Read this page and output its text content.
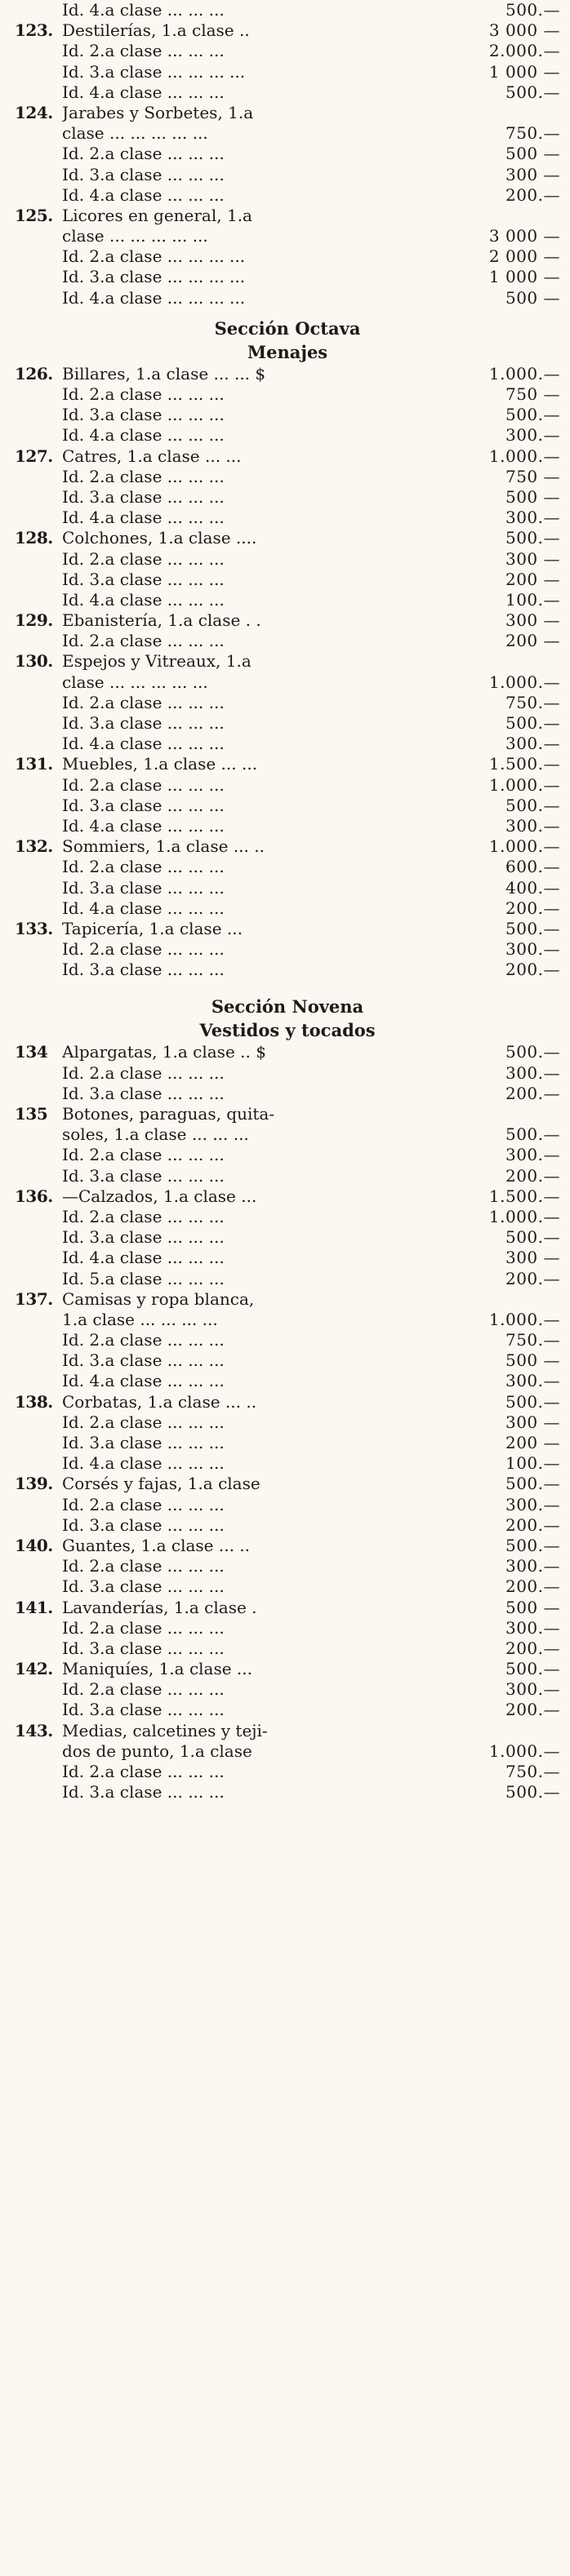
Id. 4.a clase ... ... ...	500.—
123. Destilerías, 1.a clase ..	3 000 —
Id. 2.a clase ... ... ...	2.000.—
Id. 3.a clase ... ... ... ...	1 000 —
Id. 4.a clase ... ... ...	500.—
124. Jarabes y Sorbetes, 1.a
clase ... ... ... ... ...	750.—
Id. 2.a clase ... ... ...	500 —
Id. 3.a clase ... ... ...	300 —
Id. 4.a clase ... ... ...	200.—
125. Licores en general, 1.a
clase ... ... ... ... ...	3 000 —
Id. 2.a clase ... ... ... ...	2 000 —
Id. 3.a clase ... ... ... ...	1 000 —
Id. 4.a clase ... ... ... ...	500 —
Sección Octava
Menajes
126. Billares, 1.a clase ... ... $	1.000.—
Id. 2.a clase ... ... ...	750 —
Id. 3.a clase ... ... ...	500.—
Id. 4.a clase ... ... ...	300.—
127. Catres, 1.a clase ... ...	1.000.—
Id. 2.a clase ... ... ...	750 —
Id. 3.a clase ... ... ...	500 —
Id. 4.a clase ... ... ...	300.—
128. Colchones, 1.a clase ....	500.—
Id. 2.a clase ... ... ...	300 —
Id. 3.a clase ... ... ...	200 —
Id. 4.a clase ... ... ...	100.—
129. Ebanistería, 1.a clase . .	300 —
Id. 2.a clase ... ... ...	200 —
130. Espejos y Vitreaux, 1.a
clase ... ... ... ... ...	1.000.—
Id. 2.a clase ... ... ...	750.—
Id. 3.a clase ... ... ...	500.—
Id. 4.a clase ... ... ...	300.—
131. Muebles, 1.a clase ... ...	1.500.—
Id. 2.a clase ... ... ...	1.000.—
Id. 3.a clase ... ... ...	500.—
Id. 4.a clase ... ... ...	300.—
132. Sommiers, 1.a clase ... ..	1.000.—
Id. 2.a clase ... ... ...	600.—
Id. 3.a clase ... ... ...	400.—
Id. 4.a clase ... ... ...	200.—
133. Tapicería, 1.a clase ...	500.—
Id. 2.a clase ... ... ...	300.—
Id. 3.a clase ... ... ...	200.—
Sección Novena
Vestidos y tocados
134 Alpargatas, 1.a clase .. $	500.—
Id. 2.a clase ... ... ...	300.—
Id. 3.a clase ... ... ...	200.—
135 Botones, paraguas, quita-
soles, 1.a clase ... ... ...	500.—
Id. 2.a clase ... ... ...	300.—
Id. 3.a clase ... ... ...	200.—
136. —Calzados, 1.a clase ...	1.500.—
Id. 2.a clase ... ... ...	1.000.—
Id. 3.a clase ... ... ...	500.—
Id. 4.a clase ... ... ...	300 —
Id. 5.a clase ... ... ...	200.—
137. Camisas y ropa blanca,
1.a clase ... ... ... ...	1.000.—
Id. 2.a clase ... ... ...	750.—
Id. 3.a clase ... ... ...	500 —
Id. 4.a clase ... ... ...	300.—
138. Corbatas, 1.a clase ... ..	500.—
Id. 2.a clase ... ... ...	300 —
Id. 3.a clase ... ... ...	200 —
Id. 4.a clase ... ... ...	100.—
139. Corsés y fajas, 1.a clase	500.—
Id. 2.a clase ... ... ...	300.—
Id. 3.a clase ... ... ...	200.—
140. Guantes, 1.a clase ... ..	500.—
Id. 2.a clase ... ... ...	300.—
Id. 3.a clase ... ... ...	200.—
141. Lavanderías, 1.a clase .	500 —
Id. 2.a clase ... ... ...	300.—
Id. 3.a clase ... ... ...	200.—
142. Maniquíes, 1.a clase ...	500.—
Id. 2.a clase ... ... ...	300.—
Id. 3.a clase ... ... ...	200.—
143. Medias, calcetines y teji-
dos de punto, 1.a clase	1.000.—
Id. 2.a clase ... ... ...	750.—
Id. 3.a clase ... ... ...	500.—
